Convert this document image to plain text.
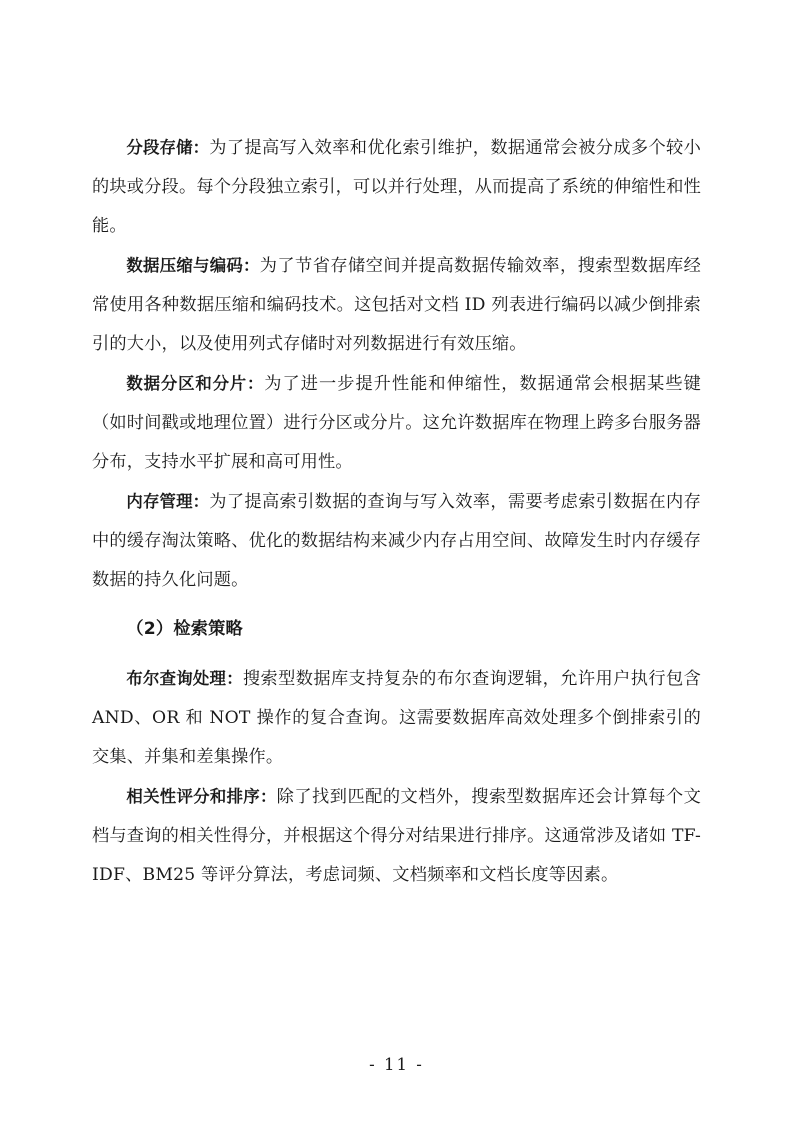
分段存储：为了提高写入效率和优化索引维护，数据通常会被分成多个较小的块或分段。每个分段独立索引，可以并行处理，从而提高了系统的伸缩性和性能。

数据压缩与编码：为了节省存储空间并提高数据传输效率，搜索型数据库经常使用各种数据压缩和编码技术。这包括对文档 ID 列表进行编码以减少倒排索引的大小，以及使用列式存储时对列数据进行有效压缩。

数据分区和分片：为了进一步提升性能和伸缩性，数据通常会根据某些键（如时间戳或地理位置）进行分区或分片。这允许数据库在物理上跨多台服务器分布，支持水平扩展和高可用性。

内存管理：为了提高索引数据的查询与写入效率，需要考虑索引数据在内存中的缓存淘汰策略、优化的数据结构来减少内存占用空间、故障发生时内存缓存数据的持久化问题。

（2）检索策略

布尔查询处理：搜索型数据库支持复杂的布尔查询逻辑，允许用户执行包含 AND、OR 和 NOT 操作的复合查询。这需要数据库高效处理多个倒排索引的交集、并集和差集操作。

相关性评分和排序：除了找到匹配的文档外，搜索型数据库还会计算每个文档与查询的相关性得分，并根据这个得分对结果进行排序。这通常涉及诸如 TF-IDF、BM25 等评分算法，考虑词频、文档频率和文档长度等因素。

- 11 -
